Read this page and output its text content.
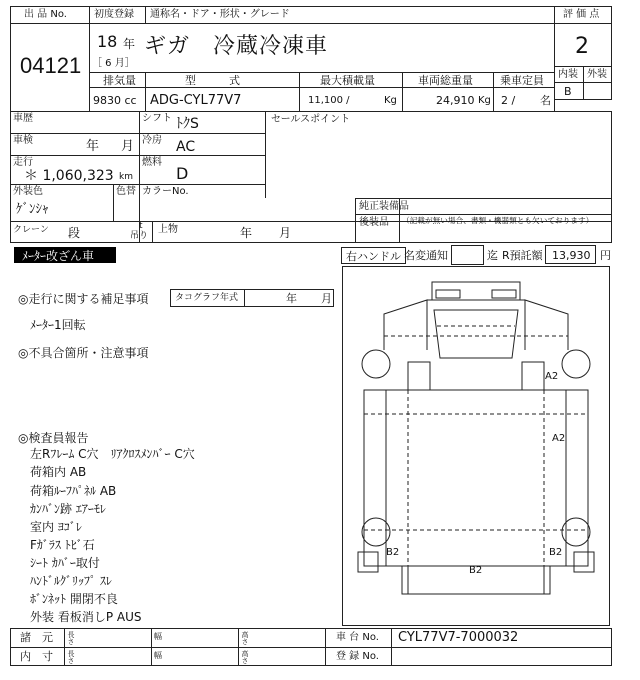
出 品 No.
04121
初度登録 通称名・ドア・形状・グレード
18 年
［ 6 月］
ギガ　冷蔵冷凍車
評 価 点
2
内装 外装
B
排気量	型　　　式	最大積載量	車両総重量 乗車定員
9830 cc ADG-CYL77V7	11,100 /	Kg	24,910 Kg 2 / 名
車歴	シフト ﾄｸS
車検	年 月 冷房 AC
走行
＊ 1,060,323 km
燃料
D
外装色
ｹﾞﾝｼｬ
色替 カラーNo.
クレーン 段	t
吊り
上物	年 月
セールスポイント
純正装備品
後装品 （記載が無い場合、書類・機器類とも欠いております）
ﾒｰﾀｰ改ざん車	右ハンドル 名変通知	迄 R預託額 13,930 円
◎走行に関する補足事項	タコグラフ年式	年 月
ﾒｰﾀｰ1回転
◎不具合箇所・注意事項
◎検査員報告
左Rﾌﾚｰﾑ C穴　ﾘｱｸﾛｽﾒﾝﾊﾞｰ C穴
荷箱内 AB
荷箱ﾙｰﾌﾊﾟﾈﾙ AB
ｶﾝﾊﾞﾝ跡 ｴｱｰﾓﾚ
室内 ﾖｺﾞﾚ
Fｶﾞﾗｽ ﾄﾋﾞ石
ｼｰﾄ ｶﾊﾞｰ取付
ﾊﾝﾄﾞﾙｸﾞﾘｯﾌﾟ ｽﾚ
ﾎﾞﾝﾈｯﾄ 開閉不良
外装 看板消しP AUS
A2
A2
B2	B2
B2
諸　元
内　寸
長さ	幅	高さ
長さ	幅	高さ
車 台 No. CYL77V7-7000032
登 録 No.
